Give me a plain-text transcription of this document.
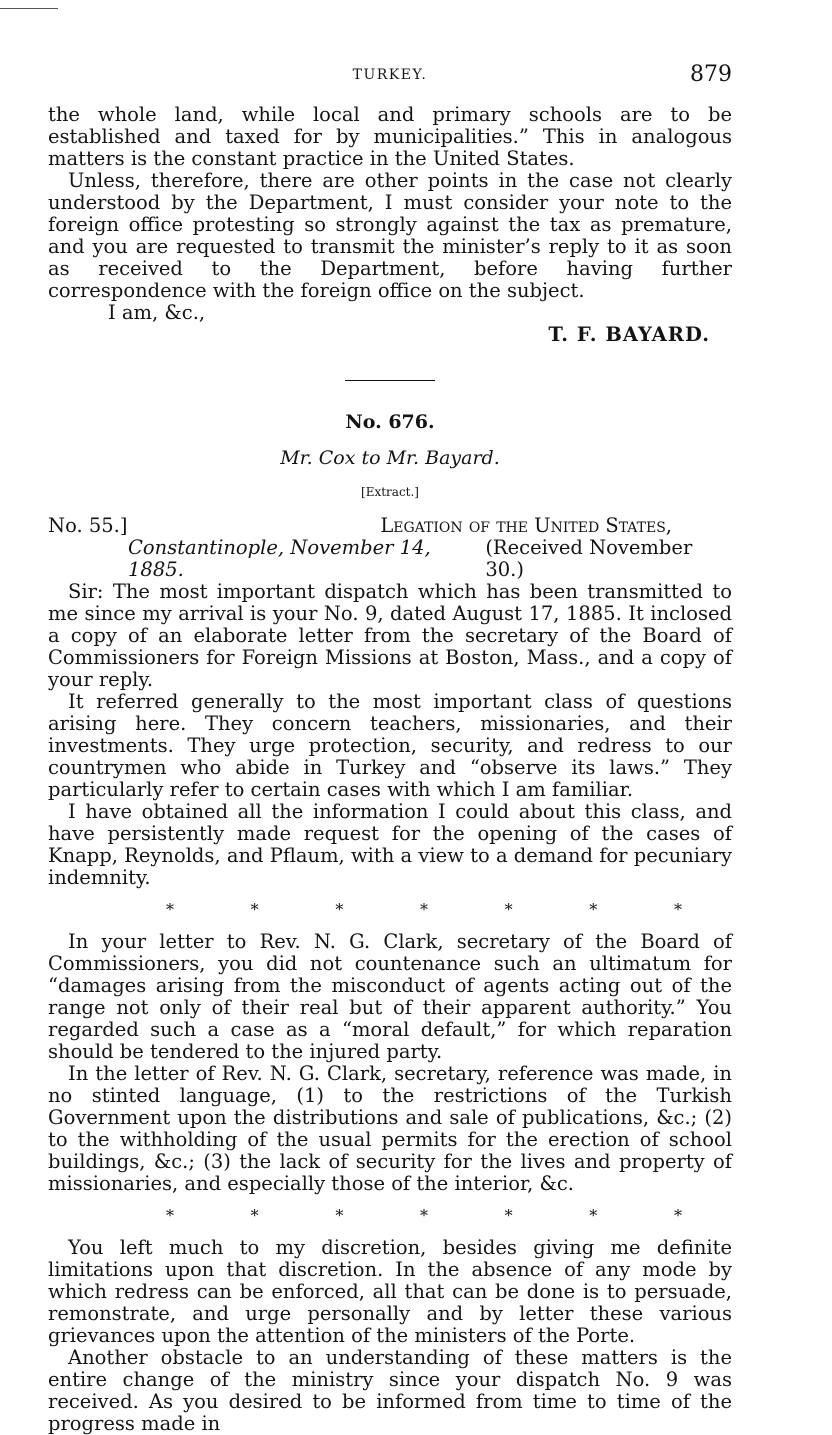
TURKEY.	879

the whole land, while local and primary schools are to be established and taxed for by municipalities.” This in analogous matters is the constant practice in the United States.

Unless, therefore, there are other points in the case not clearly understood by the Department, I must consider your note to the foreign office protesting so strongly against the tax as premature, and you are requested to transmit the minister’s reply to it as soon as received to the Department, before having further correspondence with the foreign office on the subject.

I am, &c.,

T. F. BAYARD.

No. 676.
Mr. Cox to Mr. Bayard.
[Extract.]
No. 55.]	Legation of the United States,
Constantinople, November 14, 1885.
(Received November 30.)

Sir: The most important dispatch which has been transmitted to me since my arrival is your No. 9, dated August 17, 1885. It inclosed a copy of an elaborate letter from the secretary of the Board of Commissioners for Foreign Missions at Boston, Mass., and a copy of your reply.

It referred generally to the most important class of questions arising here. They concern teachers, missionaries, and their investments. They urge protection, security, and redress to our countrymen who abide in Turkey and “observe its laws.” They particularly refer to certain cases with which I am familiar.

I have obtained all the information I could about this class, and have persistently made request for the opening of the cases of Knapp, Reynolds, and Pflaum, with a view to a demand for pecuniary indemnity.

*	*	*	*	*	*	*

In your letter to Rev. N. G. Clark, secretary of the Board of Commissioners, you did not countenance such an ultimatum for “damages arising from the misconduct of agents acting out of the range not only of their real but of their apparent authority.” You regarded such a case as a “moral default,” for which reparation should be tendered to the injured party.

In the letter of Rev. N. G. Clark, secretary, reference was made, in no stinted language, (1) to the restrictions of the Turkish Government upon the distributions and sale of publications, &c.; (2) to the withholding of the usual permits for the erection of school buildings, &c.; (3) the lack of security for the lives and property of missionaries, and especially those of the interior, &c.

*	*	*	*	*	*	*

You left much to my discretion, besides giving me definite limitations upon that discretion. In the absence of any mode by which redress can be enforced, all that can be done is to persuade, remonstrate, and urge personally and by letter these various grievances upon the attention of the ministers of the Porte.

Another obstacle to an understanding of these matters is the entire change of the ministry since your dispatch No. 9 was received. As you desired to be informed from time to time of the progress made in
